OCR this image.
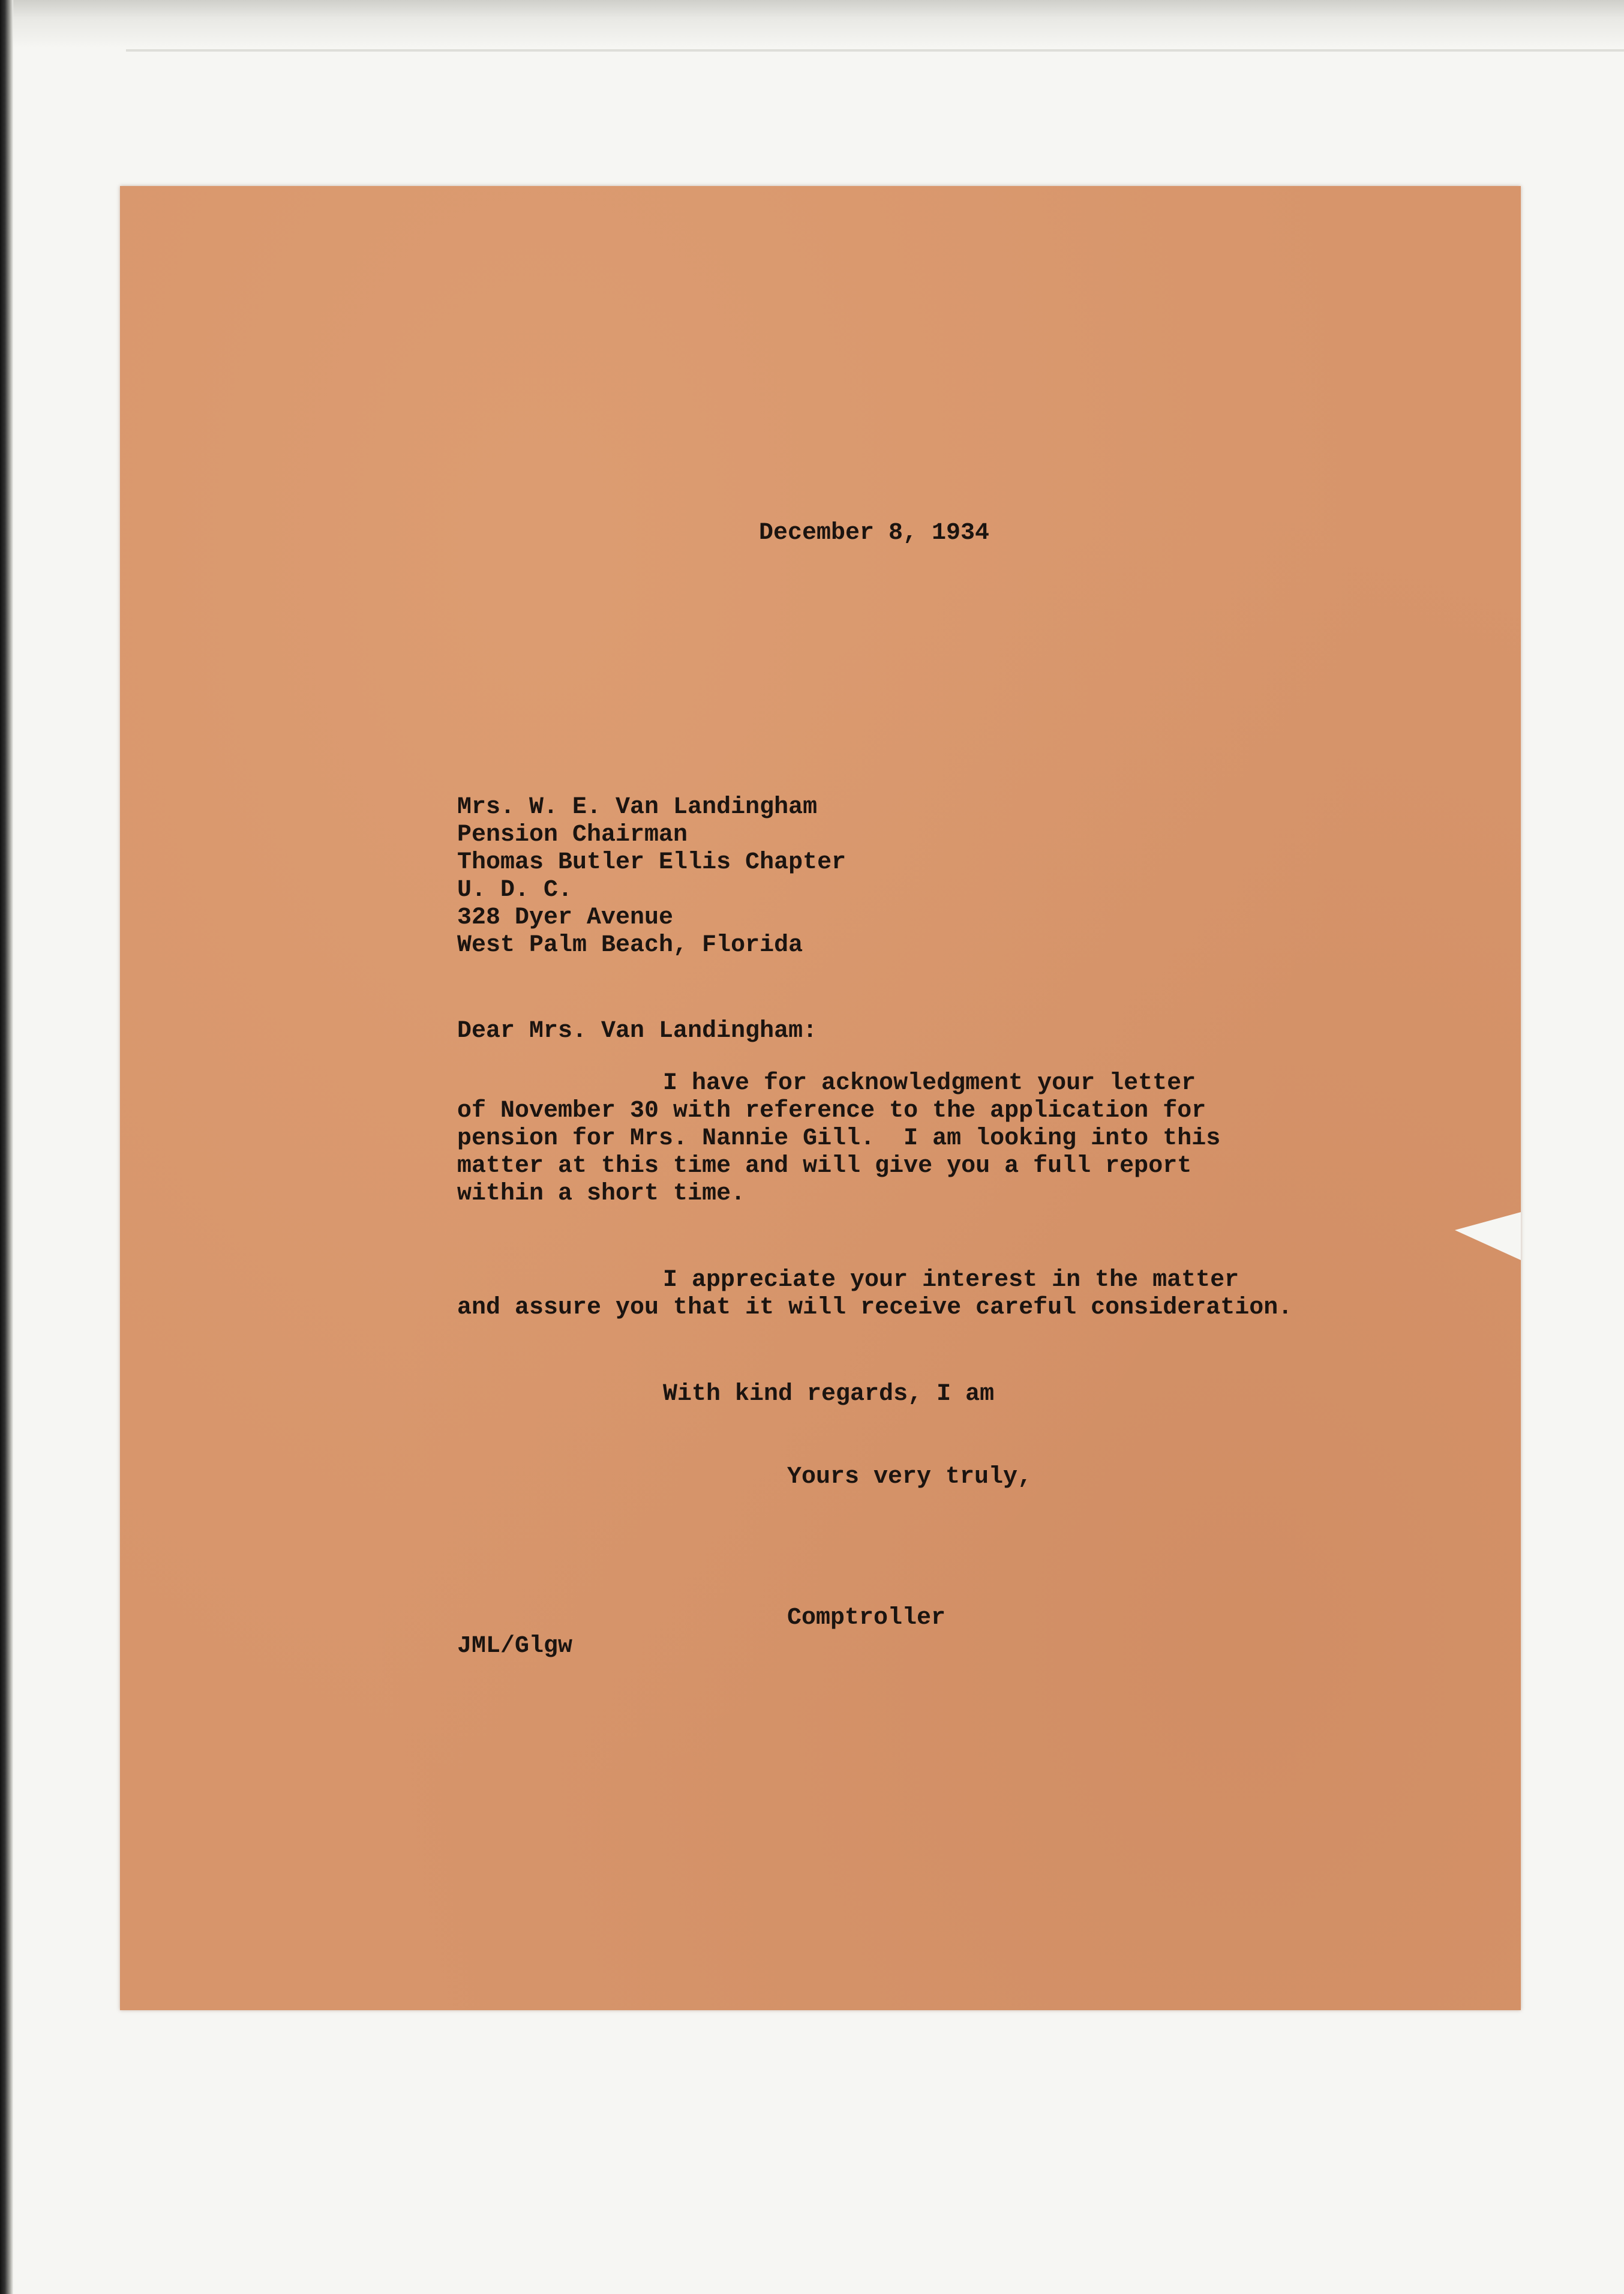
December 8, 1934

Mrs. W. E. Van Landingham

Pension Chairman

Thomas Butler Ellis Chapter

U. D. C.

328 Dyer Avenue

West Palm Beach, Florida

Dear Mrs. Van Landingham:

I have for acknowledgment your letter

of November 30 with reference to the application for

pension for Mrs. Nannie Gill.  I am looking into this

matter at this time and will give you a full report

within a short time.

I appreciate your interest in the matter

and assure you that it will receive careful consideration.

With kind regards, I am

Yours very truly,

Comptroller

JML/Glgw
